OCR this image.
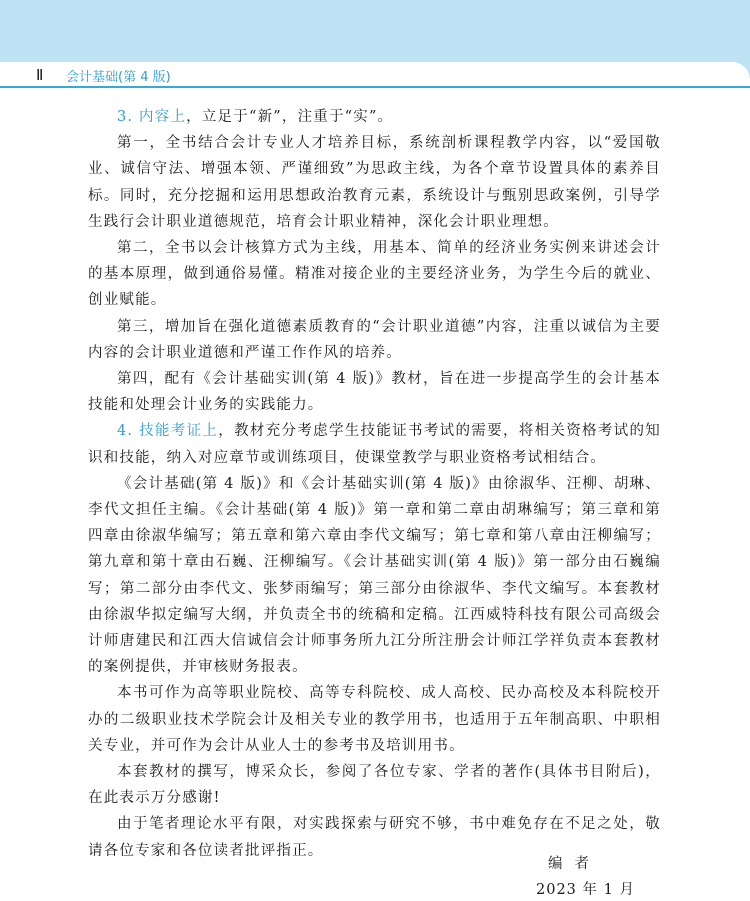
Ⅱ 会计基础(第 4 版)

3. 内容上，立足于“新”，注重于“实”。

第一，全书结合会计专业人才培养目标，系统剖析课程教学内容，以“爱国敬业、诚信守法、增强本领、严谨细致”为思政主线，为各个章节设置具体的素养目标。同时，充分挖掘和运用思想政治教育元素，系统设计与甄别思政案例，引导学生践行会计职业道德规范，培育会计职业精神，深化会计职业理想。

第二，全书以会计核算方式为主线，用基本、简单的经济业务实例来讲述会计的基本原理，做到通俗易懂。精准对接企业的主要经济业务，为学生今后的就业、创业赋能。

第三，增加旨在强化道德素质教育的“会计职业道德”内容，注重以诚信为主要内容的会计职业道德和严谨工作作风的培养。

第四，配有《会计基础实训(第 4 版)》教材，旨在进一步提高学生的会计基本技能和处理会计业务的实践能力。

4. 技能考证上，教材充分考虑学生技能证书考试的需要，将相关资格考试的知识和技能，纳入对应章节或训练项目，使课堂教学与职业资格考试相结合。

《会计基础(第 4 版)》和《会计基础实训(第 4 版)》由徐淑华、汪柳、胡琳、李代文担任主编。《会计基础(第 4 版)》第一章和第二章由胡琳编写；第三章和第四章由徐淑华编写；第五章和第六章由李代文编写；第七章和第八章由汪柳编写；第九章和第十章由石巍、汪柳编写。《会计基础实训(第 4 版)》第一部分由石巍编写；第二部分由李代文、张梦雨编写；第三部分由徐淑华、李代文编写。本套教材由徐淑华拟定编写大纲，并负责全书的统稿和定稿。江西威特科技有限公司高级会计师唐建民和江西大信诚信会计师事务所九江分所注册会计师江学祥负责本套教材的案例提供，并审核财务报表。

本书可作为高等职业院校、高等专科院校、成人高校、民办高校及本科院校开办的二级职业技术学院会计及相关专业的教学用书，也适用于五年制高职、中职相关专业，并可作为会计从业人士的参考书及培训用书。

本套教材的撰写，博采众长，参阅了各位专家、学者的著作(具体书目附后)，在此表示万分感谢!

由于笔者理论水平有限，对实践探索与研究不够，书中难免存在不足之处，敬请各位专家和各位读者批评指正。

编者
2023 年 1 月
